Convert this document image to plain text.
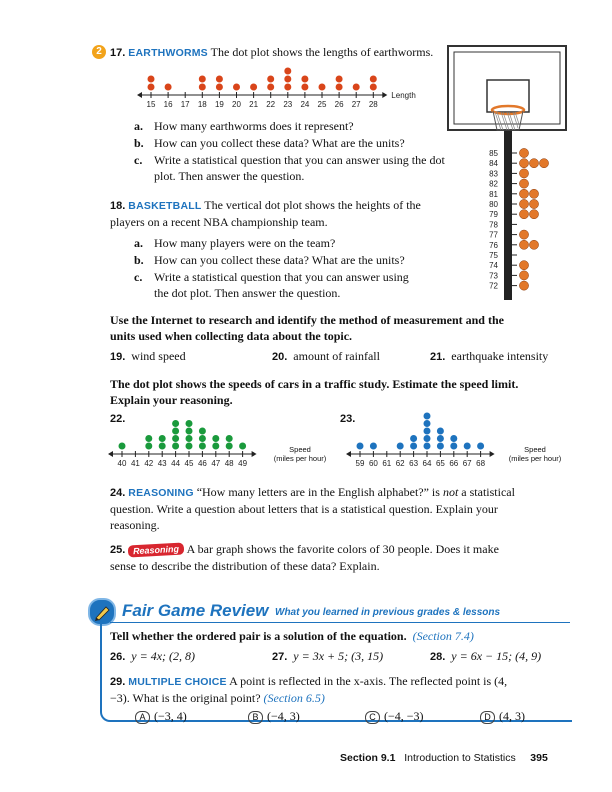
2 17. EARTHWORMS The dot plot shows the lengths of earthworms.
15 16 17 18 19 20 21 22 23 24 25 26 27 28
Length
a. How many earthworms does it represent?
b. How can you collect these data? What are the units?
c. Write a statistical question that you can answer using the dot plot. Then answer the question.
85
84
83
82
81
80
79
78
77
76
75
74
73
72
18. BASKETBALL The vertical dot plot shows the heights of the players on a recent NBA championship team.
a. How many players were on the team?
b. How can you collect these data? What are the units?
c. Write a statistical question that you can answer using the dot plot. Then answer the question.
Use the Internet to research and identify the method of measurement and the units used when collecting data about the topic.
19. wind speed	20. amount of rainfall	21. earthquake intensity
The dot plot shows the speeds of cars in a traffic study. Estimate the speed limit. Explain your reasoning.
22.
40 41 42 43 44 45 46 47 48 49
Speed
(miles per hour)
23.
59 60 61 62 63 64 65 66 67 68
Speed
(miles per hour)
24. REASONING “How many letters are in the English alphabet?” is not a statistical question. Write a question about letters that is a statistical question. Explain your reasoning.
25. Reasoning A bar graph shows the favorite colors of 30 people. Does it make sense to describe the distribution of these data? Explain.
Fair Game Review What you learned in previous grades & lessons
Tell whether the ordered pair is a solution of the equation. (Section 7.4)
26. y = 4x; (2, 8)	27. y = 3x + 5; (3, 15)	28. y = 6x − 15; (4, 9)
29. MULTIPLE CHOICE A point is reflected in the x-axis. The reflected point is (4, −3). What is the original point? (Section 6.5)
A (−3, 4)	B (−4, 3)	C (−4, −3)	D (4, 3)
Section 9.1 Introduction to Statistics 395
